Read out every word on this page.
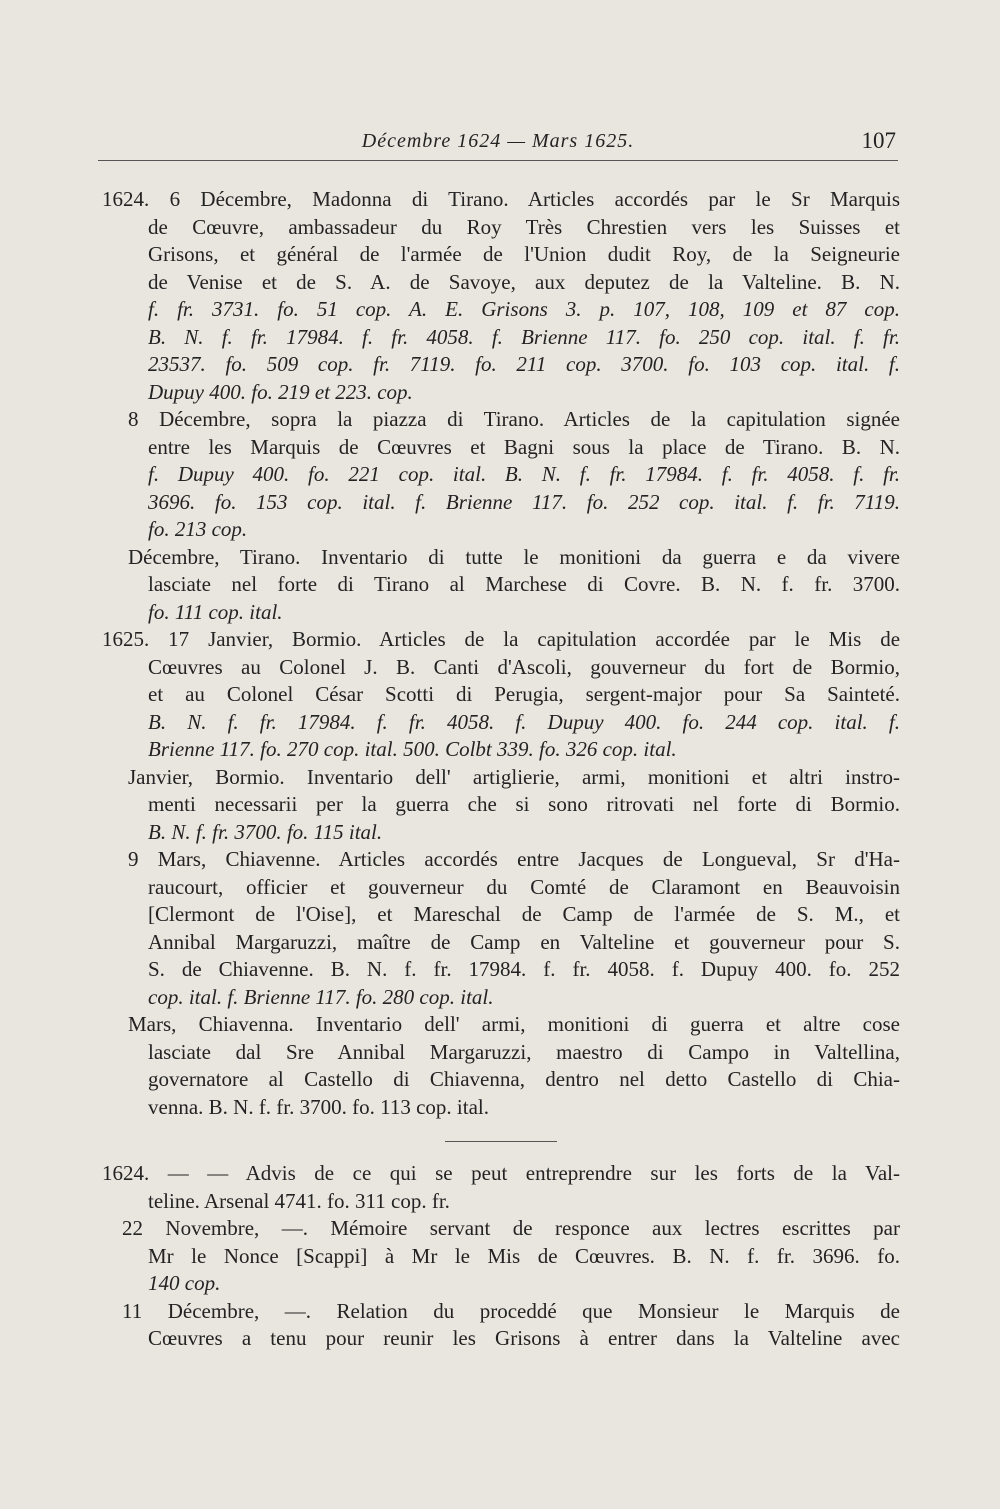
Décembre 1624 — Mars 1625.	107

1624. 6 Décembre, Madonna di Tirano. Articles accordés par le Sr Marquis
de Cœuvre, ambassadeur du Roy Très Chrestien vers les Suisses et
Grisons, et général de l'armée de l'Union dudit Roy, de la Seigneurie
de Venise et de S. A. de Savoye, aux deputez de la Valteline. B. N.
f. fr. 3731. fo. 51 cop. A. E. Grisons 3. p. 107, 108, 109 et 87 cop.
B. N. f. fr. 17984. f. fr. 4058. f. Brienne 117. fo. 250 cop. ital. f. fr.
23537. fo. 509 cop. fr. 7119. fo. 211 cop. 3700. fo. 103 cop. ital. f.
Dupuy 400. fo. 219 et 223. cop.

8 Décembre, sopra la piazza di Tirano. Articles de la capitulation signée
entre les Marquis de Cœuvres et Bagni sous la place de Tirano. B. N.
f. Dupuy 400. fo. 221 cop. ital. B. N. f. fr. 17984. f. fr. 4058. f. fr.
3696. fo. 153 cop. ital. f. Brienne 117. fo. 252 cop. ital. f. fr. 7119.
fo. 213 cop.

Décembre, Tirano. Inventario di tutte le monitioni da guerra e da vivere
lasciate nel forte di Tirano al Marchese di Covre. B. N. f. fr. 3700.
fo. 111 cop. ital.

1625. 17 Janvier, Bormio. Articles de la capitulation accordée par le Mis de
Cœuvres au Colonel J. B. Canti d'Ascoli, gouverneur du fort de Bormio,
et au Colonel César Scotti di Perugia, sergent-major pour Sa Sainteté.
B. N. f. fr. 17984. f. fr. 4058. f. Dupuy 400. fo. 244 cop. ital. f.
Brienne 117. fo. 270 cop. ital. 500. Colbt 339. fo. 326 cop. ital.

Janvier, Bormio. Inventario dell' artiglierie, armi, monitioni et altri instro-
menti necessarii per la guerra che si sono ritrovati nel forte di Bormio.
B. N. f. fr. 3700. fo. 115 ital.

9 Mars, Chiavenne. Articles accordés entre Jacques de Longueval, Sr d'Ha-
raucourt, officier et gouverneur du Comté de Claramont en Beauvoisin
[Clermont de l'Oise], et Mareschal de Camp de l'armée de S. M., et
Annibal Margaruzzi, maître de Camp en Valteline et gouverneur pour S.
S. de Chiavenne. B. N. f. fr. 17984. f. fr. 4058. f. Dupuy 400. fo. 252
cop. ital. f. Brienne 117. fo. 280 cop. ital.

Mars, Chiavenna. Inventario dell' armi, monitioni di guerra et altre cose
lasciate dal Sre Annibal Margaruzzi, maestro di Campo in Valtellina,
governatore al Castello di Chiavenna, dentro nel detto Castello di Chia-
venna. B. N. f. fr. 3700. fo. 113 cop. ital.

1624. — — Advis de ce qui se peut entreprendre sur les forts de la Val-
teline. Arsenal 4741. fo. 311 cop. fr.

22 Novembre, —. Mémoire servant de responce aux lectres escrittes par
Mr le Nonce [Scappi] à Mr le Mis de Cœuvres. B. N. f. fr. 3696. fo.
140 cop.

11 Décembre, —. Relation du proceddé que Monsieur le Marquis de
Cœuvres a tenu pour reunir les Grisons à entrer dans la Valteline avec
